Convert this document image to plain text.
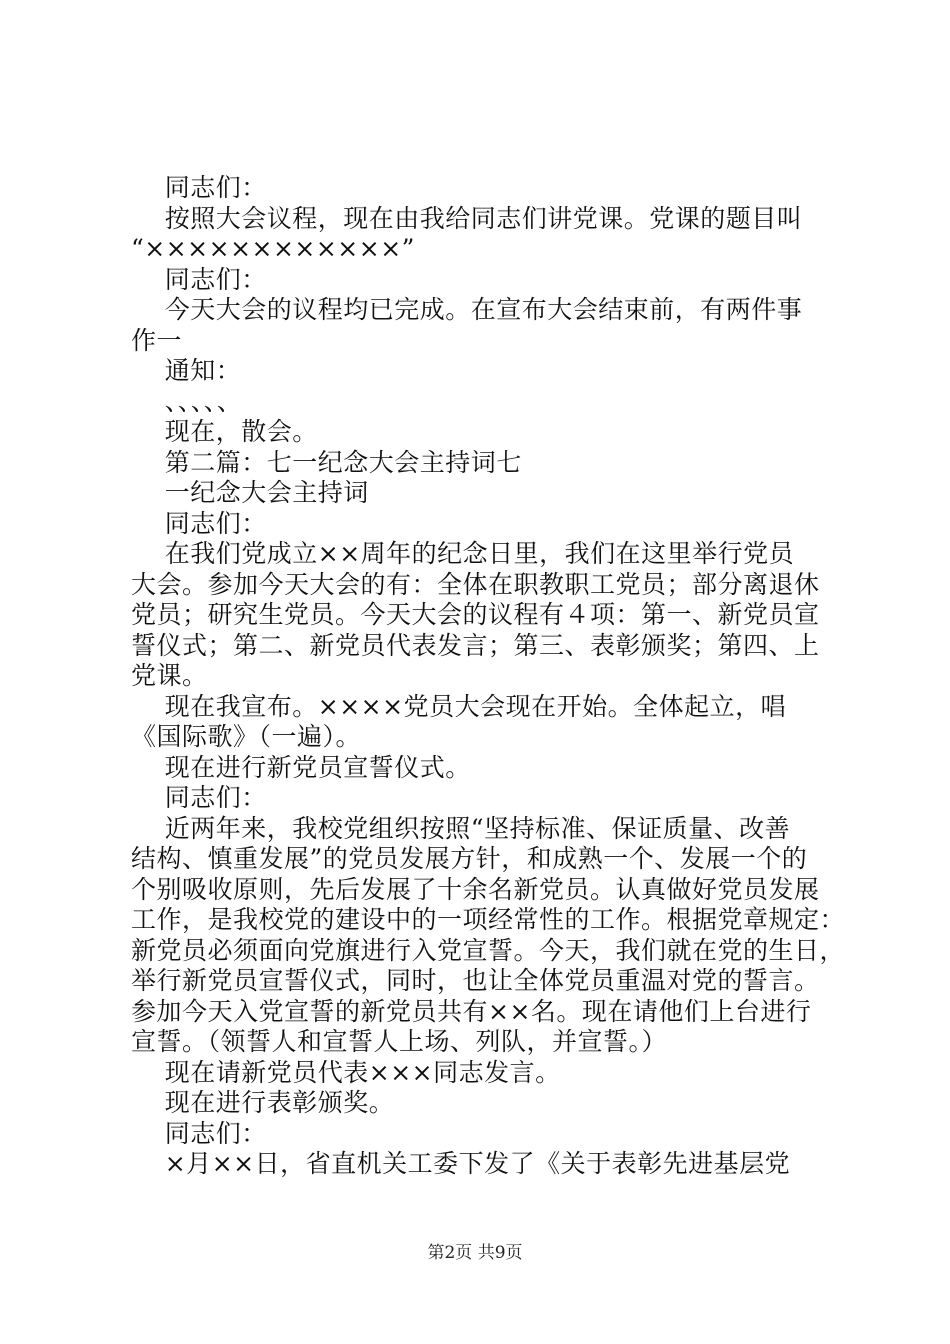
同志们：
按照大会议程，现在由我给同志们讲党课。党课的题目叫
“××××××××××××”
同志们：
今天大会的议程均已完成。在宣布大会结束前，有两件事
作一
通知：
、、、、、
现在，散会。
第二篇：七一纪念大会主持词七
一纪念大会主持词
同志们：
在我们党成立××周年的纪念日里，我们在这里举行党员
大会。参加今天大会的有：全体在职教职工党员；部分离退休
党员；研究生党员。今天大会的议程有４项：第一、新党员宣
誓仪式；第二、新党员代表发言；第三、表彰颁奖；第四、上
党课。
现在我宣布。××××党员大会现在开始。全体起立，唱
《国际歌》（一遍）。
现在进行新党员宣誓仪式。
同志们：
近两年来，我校党组织按照“坚持标准、保证质量、改善
结构、慎重发展”的党员发展方针，和成熟一个、发展一个的
个别吸收原则，先后发展了十余名新党员。认真做好党员发展
工作，是我校党的建设中的一项经常性的工作。根据党章规定：
新党员必须面向党旗进行入党宣誓。今天，我们就在党的生日，
举行新党员宣誓仪式，同时，也让全体党员重温对党的誓言。
参加今天入党宣誓的新党员共有××名。现在请他们上台进行
宣誓。（领誓人和宣誓人上场、列队，并宣誓。）
现在请新党员代表×××同志发言。
现在进行表彰颁奖。
同志们：
×月××日，省直机关工委下发了《关于表彰先进基层党
第2页 共9页
